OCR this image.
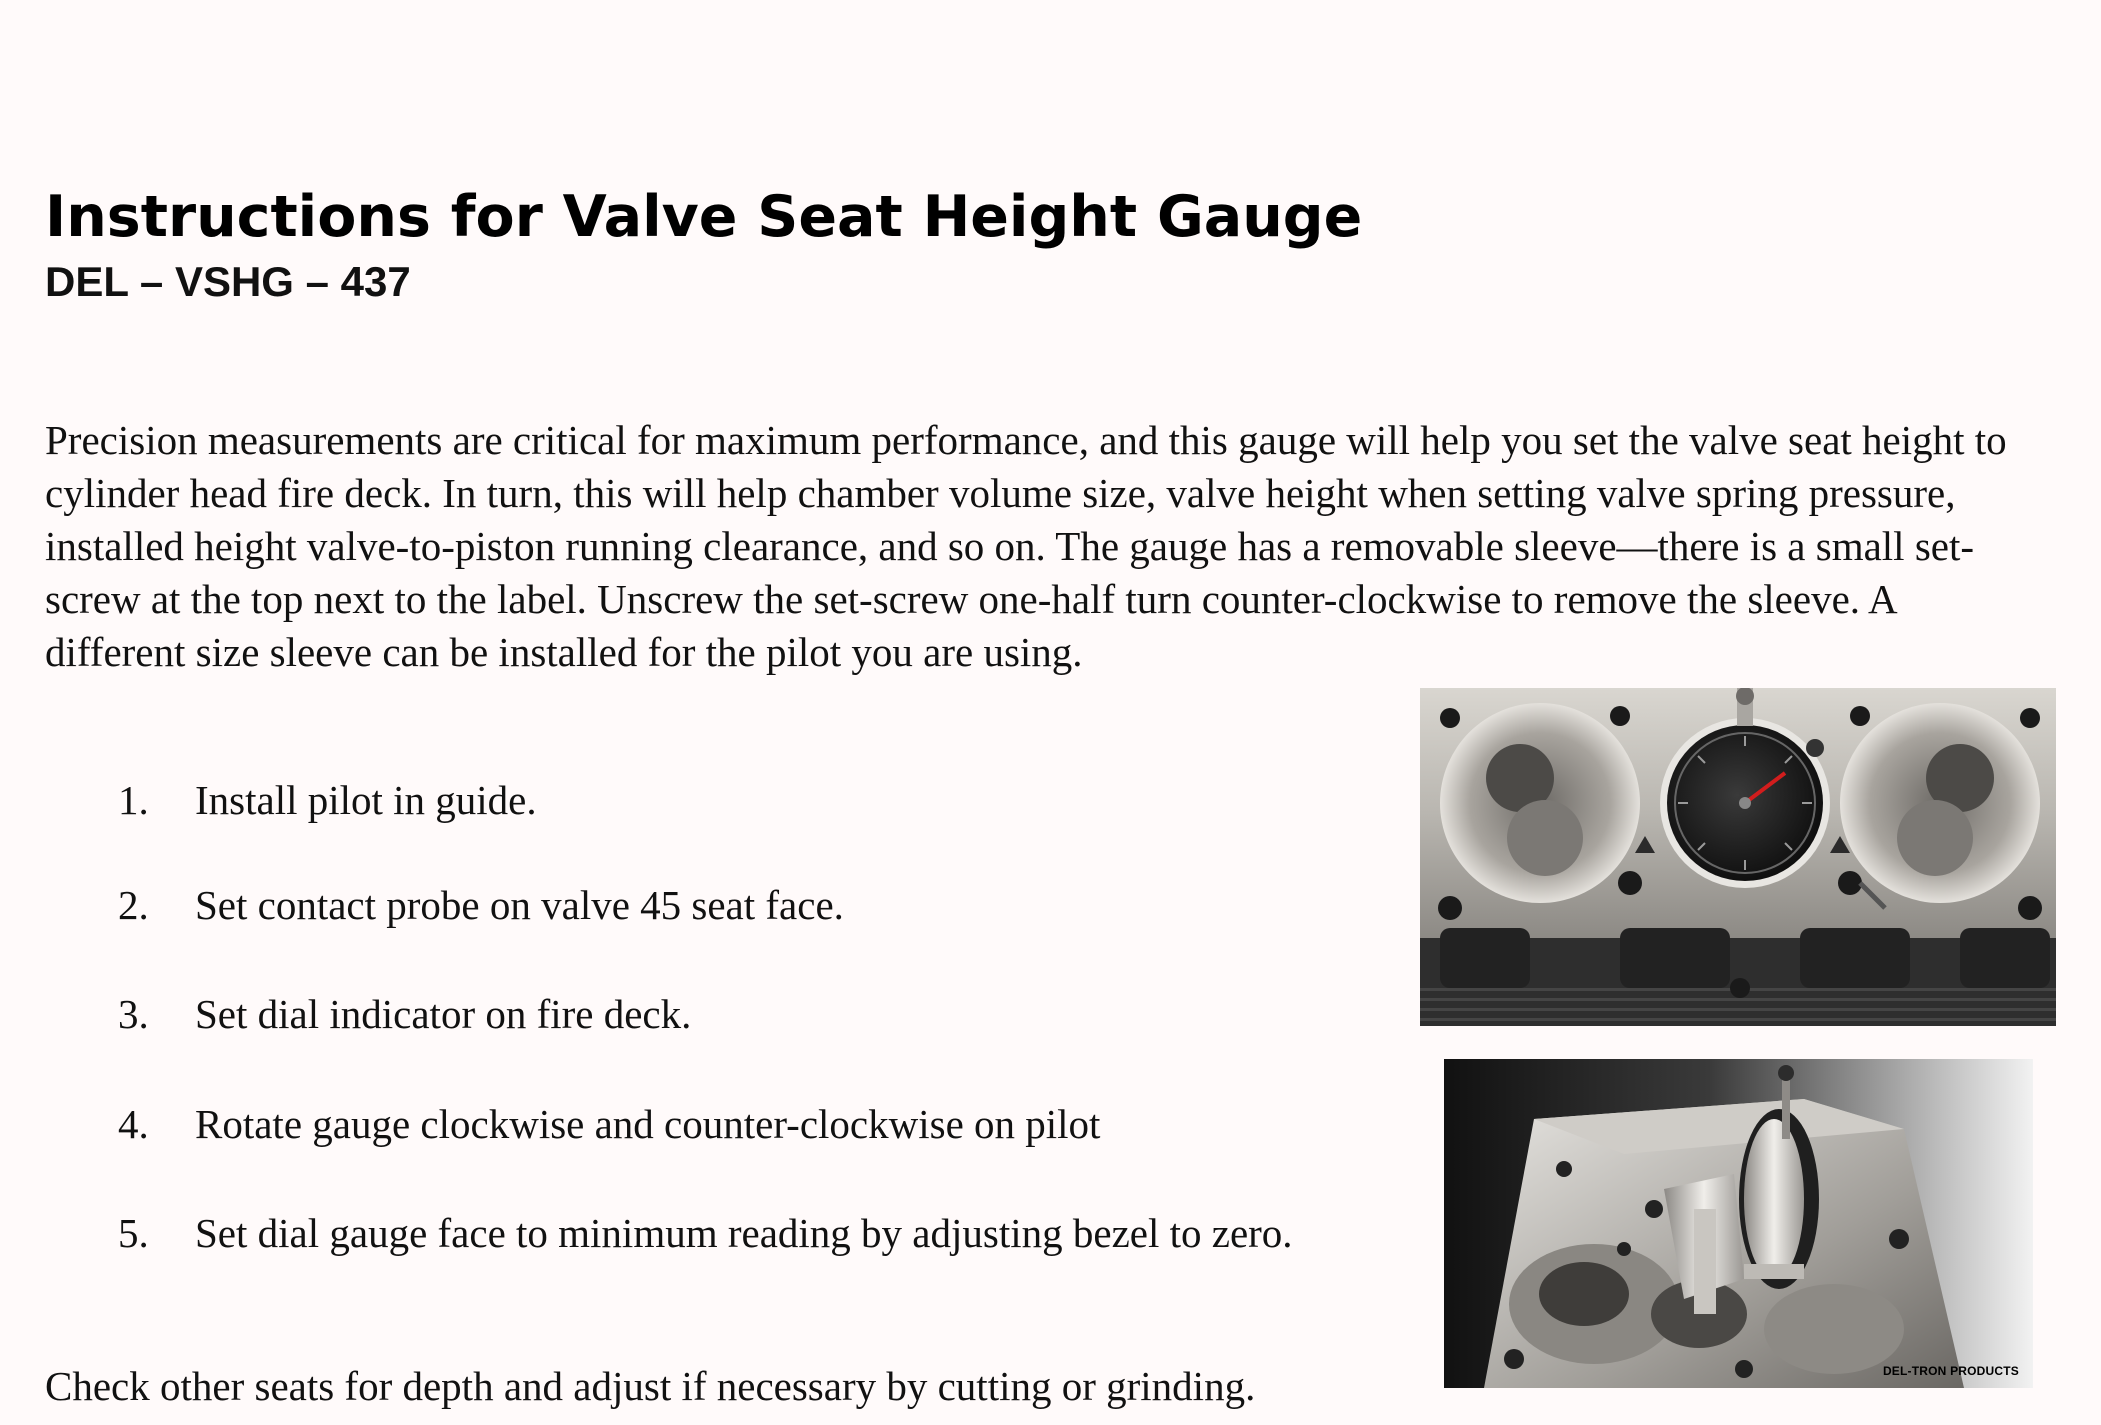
Instructions for Valve Seat Height Gauge
DEL – VSHG – 437

Precision measurements are critical for maximum performance, and this gauge will help you set the valve seat height to cylinder head fire deck. In turn, this will help chamber volume size, valve height when setting valve spring pressure, installed height valve-to-piston running clearance, and so on. The gauge has a removable sleeve—there is a small set-screw at the top next to the label. Unscrew the set-screw one-half turn counter-clockwise to remove the sleeve. A different size sleeve can be installed for the pilot you are using.

1. Install pilot in guide.
2. Set contact probe on valve 45 seat face.
3. Set dial indicator on fire deck.
4. Rotate gauge clockwise and counter-clockwise on pilot
5. Set dial gauge face to minimum reading by adjusting bezel to zero.

Check other seats for depth and adjust if necessary by cutting or grinding.	DEL-TRON PRODUCTS
